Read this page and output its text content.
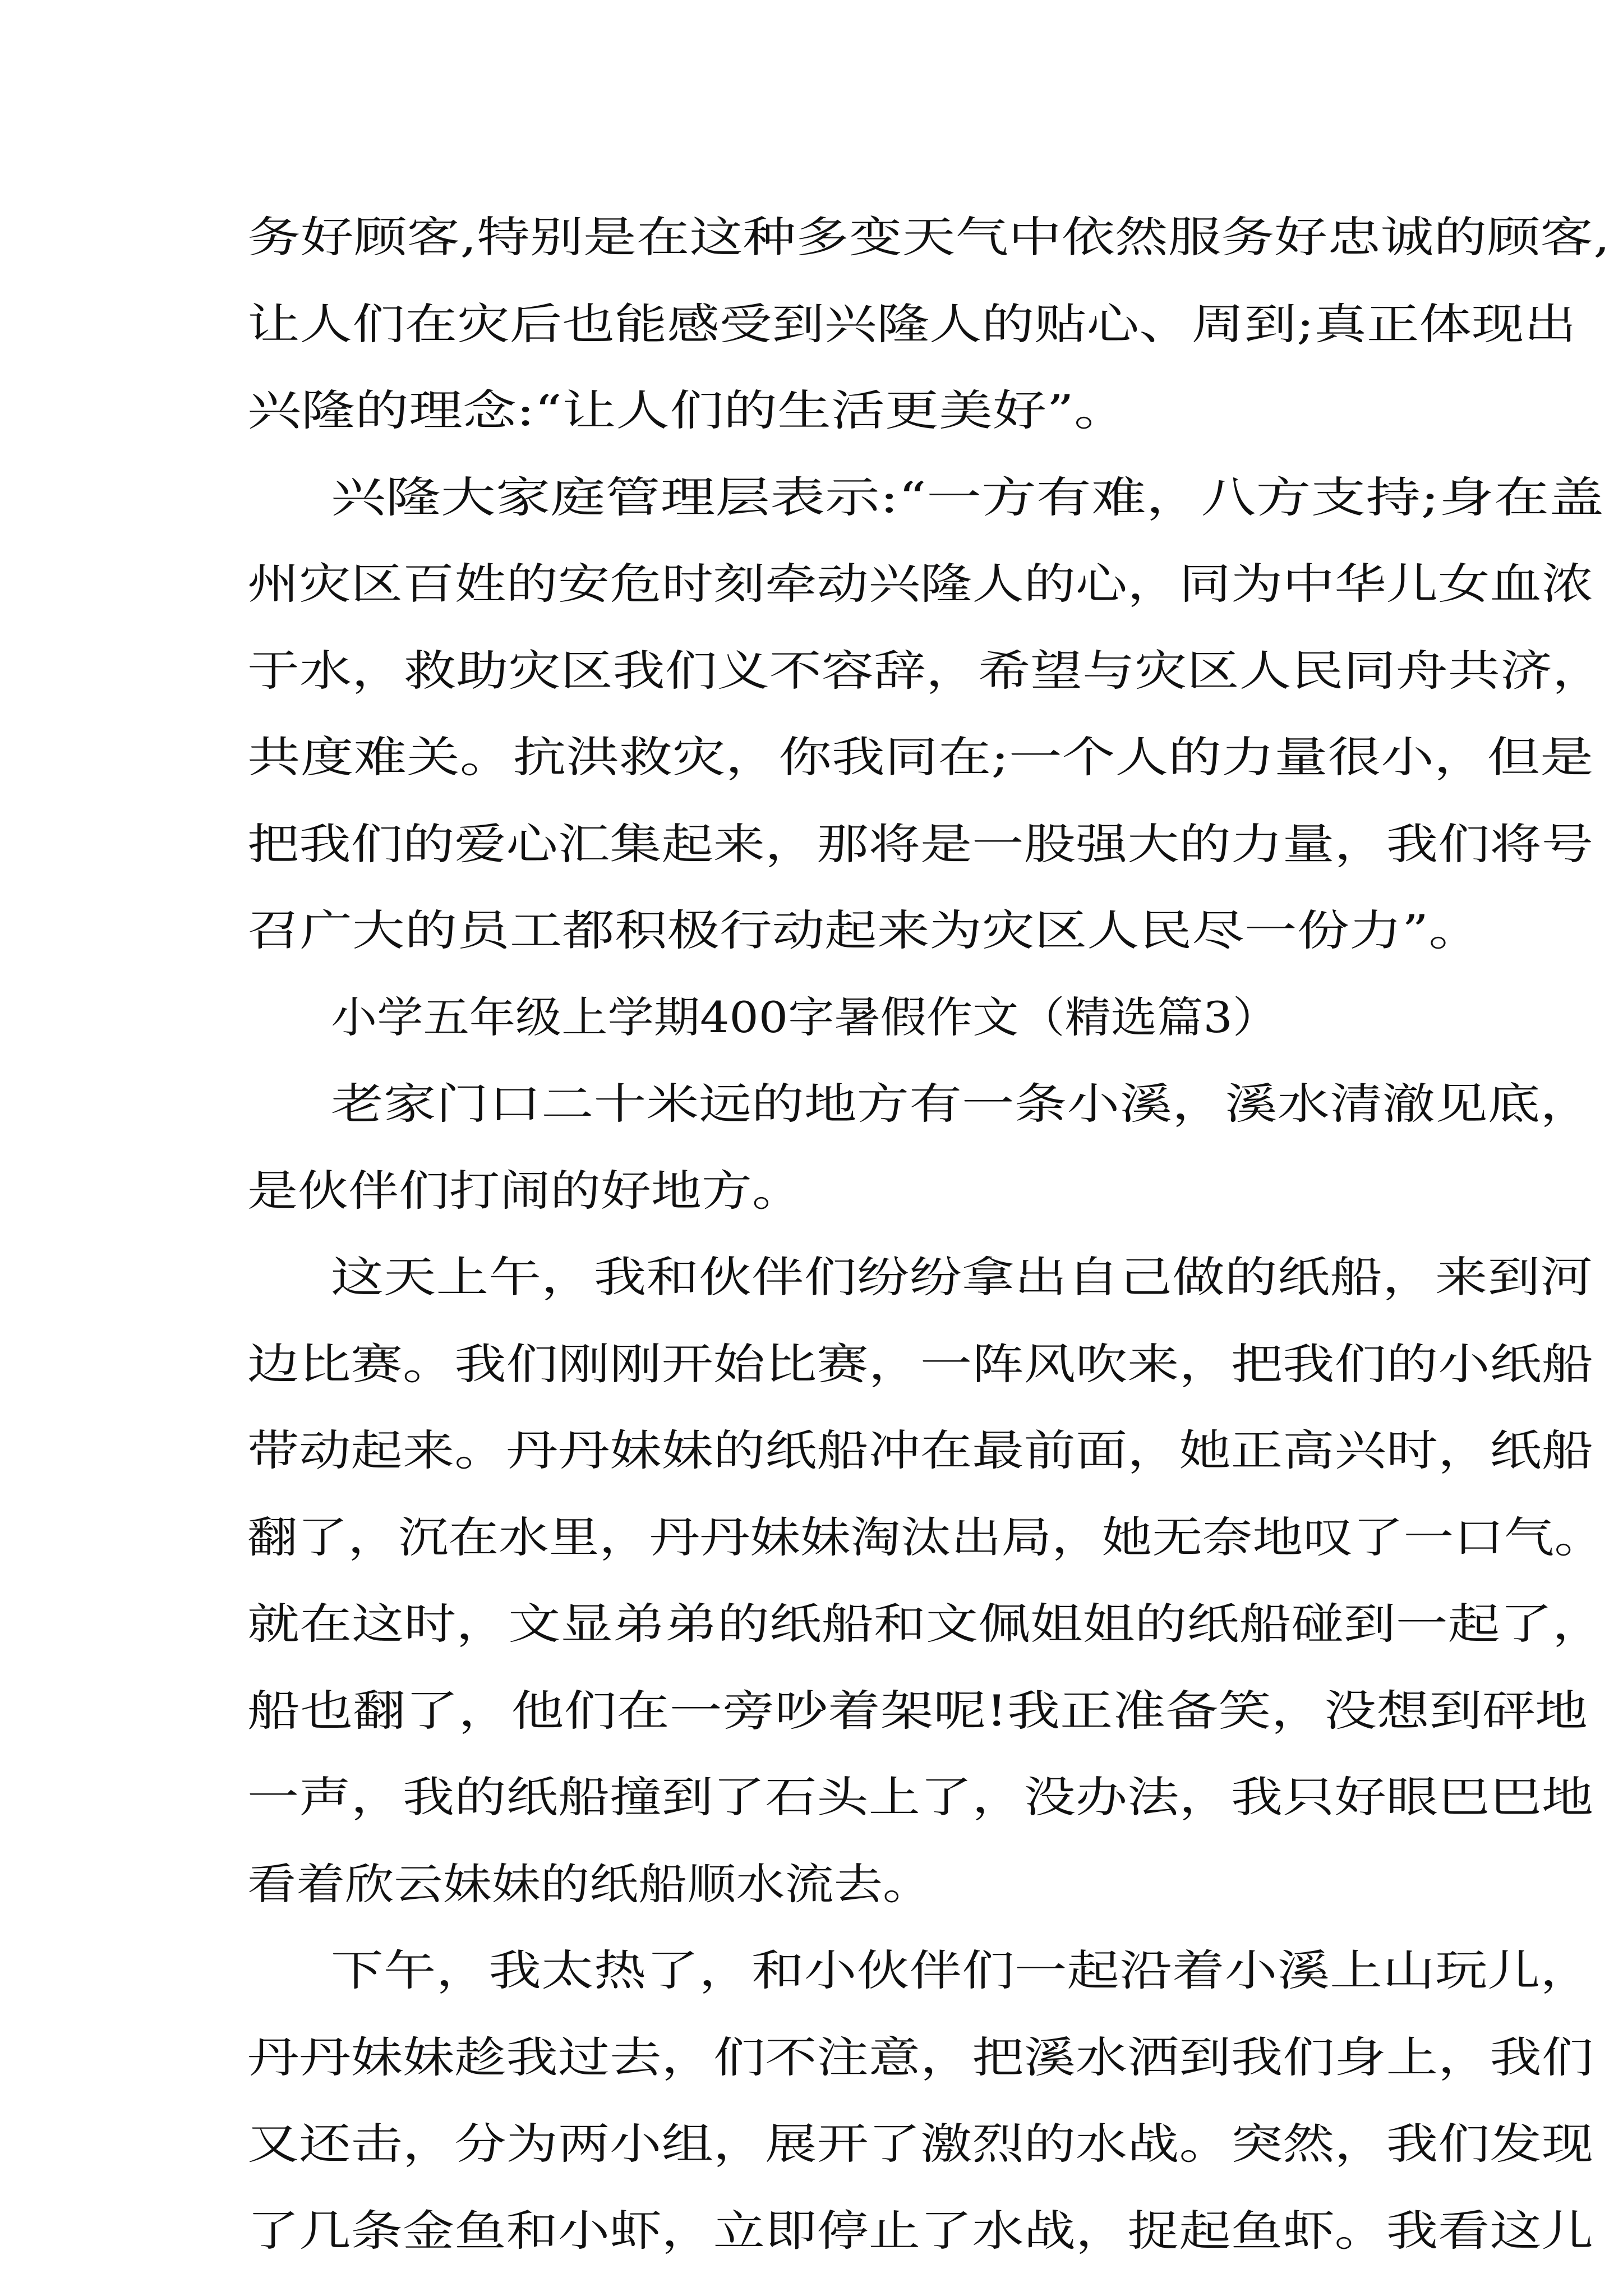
务好顾客,特别是在这种多变天气中依然服务好忠诚的顾客,

让人们在灾后也能感受到兴隆人的贴心、周到;真正体现出

兴隆的理念:“让人们的生活更美好”。

兴隆大家庭管理层表示:“一方有难，八方支持;身在盖

州灾区百姓的安危时刻牵动兴隆人的心，同为中华儿女血浓

于水，救助灾区我们义不容辞，希望与灾区人民同舟共济，

共度难关。抗洪救灾，你我同在;一个人的力量很小，但是

把我们的爱心汇集起来，那将是一股强大的力量，我们将号

召广大的员工都积极行动起来为灾区人民尽一份力”。

小学五年级上学期400字暑假作文（精选篇3）

老家门口二十米远的地方有一条小溪，溪水清澈见底，

是伙伴们打闹的好地方。

这天上午，我和伙伴们纷纷拿出自己做的纸船，来到河

边比赛。我们刚刚开始比赛，一阵风吹来，把我们的小纸船

带动起来。丹丹妹妹的纸船冲在最前面，她正高兴时，纸船

翻了，沉在水里，丹丹妹妹淘汰出局，她无奈地叹了一口气。

就在这时，文显弟弟的纸船和文佩姐姐的纸船碰到一起了，

船也翻了，他们在一旁吵着架呢!我正准备笑，没想到砰地

一声，我的纸船撞到了石头上了，没办法，我只好眼巴巴地

看着欣云妹妹的纸船顺水流去。

下午，我太热了，和小伙伴们一起沿着小溪上山玩儿，

丹丹妹妹趁我过去，们不注意，把溪水洒到我们身上，我们

又还击，分为两小组，展开了激烈的水战。突然，我们发现

了几条金鱼和小虾，立即停止了水战，捉起鱼虾。我看这儿
